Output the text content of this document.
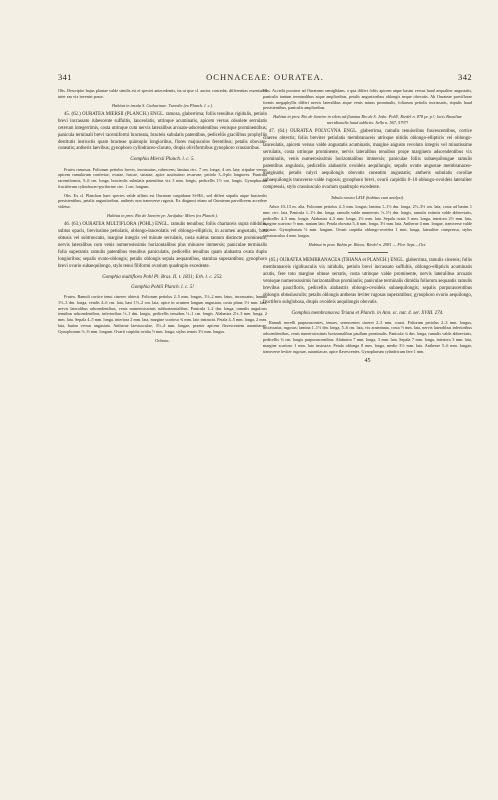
341	OCHNACEAE: OURATEA.	342

Obs. Descriptio hujus plantae valde similis est ei speciei antecedentis, ita ut ipse cl. auctor concedat, differentias essentiales inter eas vix inveniri posse.

Habitat in insula S. Catharinae: Tweedie (ex Planch. l. c.).

45. (62.) OURATEA MIERSII (PLANCH.) ENGL. ramosa, glaberrima; foliis tenuibus rigidulis, petiolo brevi incrassato rubescente suffultis, lanceolatis, utrinque acuminatis, apicem versus obsolete serrulatis ceterum integerrimis, costa utrinque cum nervis lateralibus arcuato-adscendentibus venisque prominentibus; panicula terminali brevi racemiformi bracteata, bracteis subulatis patentibus, pedicellis gracilibus prophyllis destitutis instructis quam bracteae quintuplo longioribus, flores majusculos ferentibus; petalis obovato-cuneatis; antheris laevibus; gynophoro cylindraceo-clavato, drupis oliviformibus gynophoro crassioribus.

Gomphia Miersii Planch. l. c. 5.

Frutex ramosus. Foliorum petiolus brevis, incrassatus, rubescens; lamina circ. 7 cm. longa, 4 cm. lata; stipulae versus apicem ramulorum confertae, ovatae, fuscae, striatae, apice acutissimo recurvae, petiolo 3–4-plo longiores. Panicula racemiformis, 5–6 cm. longa, bracteolis subulatis patentibus vix 3 mm. longis, pedicellis 1½ cm. longis. Gynophorum fructiferum cylindraceo-pyriforme circ. 1 cm. longum.

Obs. Ex cl. Planchon haec species valde affinis est Ourateae cuspidatae St-Hil., sed differt stipulis atque bracteolis persistentibus, petalis angustioribus, antheris non transverse rugosis. Ex diagnosi etiam ad Ourateam parviflorem accedere videtur.

Habitat in prov. Rio de Janeiro pr. Jurújuba: Miers (ex Planch.).

46. (63.) OURATEA MULTIFLORA (POHL) ENGL. ramulis tenuibus; foliis chartaceis supra nitidulis, subtus opacis, breviusime petiolatis, oblongo-lanceolatis vel oblongo-ellipticis, in acumen angustatis, basi obtusis vel subtruncatis, margine integris vel minute serrulatis, costa subtus tantum distincte prominente, nervis lateralibus cum venis numerosissimis horizontalibus plus minusve immersis; paniculae terminalis folia superantis ramulis patentibus tenuibus paniculatis, pedicellis tenuibus quam alabastra ovata duplo longioribus; sepalis ovato-oblongis; petalis oblongis sepala aequantibus, stamina superantibus; gynophoro brevi ovario subaequilongo, stylo tenui filiformi ovarium quadruplo excedente.

Gomphia multiflora Pohl Pl. Bras. II. t. 1831; Erh. l. c. 253.

Gomphia Pohlii Planch. l. c. 5!

Frutex. Ramuli cortice tenui cinereo obtecti. Foliorum petiolus 2–5 mm. longus, 1½–2 mm. latus, incrassatus; lamina 1½–3 dm. longa, vendis 4–6 cm. lata, basi 1½–2 cm. lata, apice in acumen longum angustata, costa plana 1½ mm. lata, nervis lateralibus adscendentibus, venis numerosissimis subhorizontalibus. Panicula 1–2 dm. longa, ramulis angulosis tenuibus adscendentibus, inferioribus ½–1 dm. longis, pedicellis tenuibus ½–1 cm. longis. Alabastra 2½–3 mm. longa, 2 mm. lata. Sepala 4–5 mm. longa, interiora 2 mm. lata, margine scarioso ¾ mm. lato instructa. Petala 4–5 mm. longa, 2 mm. lata, basim versus angustata. Antherae laeviusculae, 3½–4 mm. longae, praeter apicem flavescentem aurantiacae. Gynophorum ½–⅔ mm. longum. Ovarii carpidia ovalia ½ mm. longa; stylus tenuis 3½ mm. longus.

Ochnac.

Obs. Accedit proxime ad Ourateam semiglidam, a qua differt foliis apicem atque basim versus haud aequaliter angustatis, paniculis tantum terminalibus atque amplioribus, petalis angustioribus oblongis neque obovatis. Ab Ourateae parviflorae formis megaphyllis differt nervis lateralibus atque venis minus prominulis, foliorum petiolis incrassatis, stipulis haud persistentibus, paniculis amplioribus.

Habitat in prov. Rio de Janeiro in silvis ad flumina Rio de S. João: Pohl!, Riedel n. 878 pr. p.!; locis Brasiliae meridionalis haud addictis: Sello n. 567, 5797!

47. (64.) OURATEA POLYGYNA ENGL. glaberrima, ramulis tenuioribus fuscescentibus, cortice cinereo obtectis; foliis breviter petiolatis membranaceis utrinque nitidis oblongo-ellipticis vel oblongo-lanceolatis, apicem versus valde angustatis acuminatis, margine angusto revoluto integris vel minutissime serrulatis, costa utrinque prominente, nervis lateralibus tenuibus prope marginem adscendentibus vix prominulis, venis numerosissimis horizontalibus immersis; paniculae foliis subaequilongae ramulis patentibus angulosis, pedicellis alabastris ovoideis aequilongis; sepalis ovatis angustae membranaceo-marginatis; petalis calyci aequilongis obovatis cuneatim angustatis; antheris subulatis corollae subaequilongis transverse valde rugosis; gynophoro brevi, ovarii carpidiis 8–10 oblongo-ovoideis lateraliter compressis, stylo crassiusculo ovarium quadruplo excedente.

Tabula nostra LXIX (habitus cum analysi).

Arbor 10–13 m. alta. Foliorum petiolus 4–5 mm. longus; lamina 1–1½ dm. longa, 2½–3½ cm. lata, costa ad basim 1 mm. circ. lata. Panicula 1–1½ dm. longa, ramulis valde numerosis ½–1½ dm. longis, ramulis extimis valde abbreviatis, pedicellis 4–5 mm. longis. Alabastra 4–5 mm. longa, 2½ mm. lata. Sepala ovata 5 mm. longa, interiora 2½ mm. lata, margine scarioso ½ mm. tantum lato. Petala obovata 5–6 mm. longa, 3½ mm. lata. Antherae 4 mm. longae, transverse valde rugosae. Gynophorum ½ mm. longum. Ovarii carpidia oblongo-ovoidea 1 mm. longa, lateraliter compressa, stylus crassiusculus 4 mm. longus.

Habitat in prov. Bahia pr. Ilheos: Riedel n. 2981 — Flor. Sept.—Oct.

(65.) OURATEA MEMBRANACEA (TRIANA et PLANCH.) ENGL. glaberrima, ramulis cinereis; foliis membranaceis rigidiusculis vix nitidulis, petiolo brevi incrassato suffultis, oblongo-ellipticis acuminatis acutis, fere toto margine obtuse serratis, costa utrinque valde prominente, nervis lateralibus arcuatis venisque numerosissimis horizontalibus prominulis; paniculae terminalis dimidia foliorum aequantis ramulis brevibus paucifloris, pedicellis alabastris oblongo-ovoideis subaequilongis; sepalis purpurascentibus oblongis obtusiusculis; petalis oblongis antheras leviter rugosas superantibus; gynophoro ovario aequilongo, fructifero subglobosa, drupis ovoideis aequilongis obovatis.

Gomphia membranacea Triana et Planch. in Ann. sc. nat. 4. ser. XVIII. 274.

Ramuli novelli purpurascentes, tenues, senescentes cinerei 2–3 mm. crassi. Foliorum petiolus 2–3 mm. longus, incrassatus, rugosus; lamina 1–1½ dm. longa, 5–6 cm. lata, vix acuminata, costa ½ mm. lata, nervis lateralibus inferioribus adscendentibus, venis numerosissimis horizontalibus paullum prominulis. Panicula ¼ dm. longa, ramulis valde abbreviatis, pedicellis ¾ cm. longis purpurascentibus. Alabastra 7 mm. longa, 3 mm. lata. Sepala 7 mm. longa, interiora 3 mm. lata, margine scarioso 1 mm. lato instructa. Petala oblonga 8 mm. longa, medio 3½ mm. lata. Antherae 5–6 mm. longae, transverse leviter rugosae, aurantiacae, apice flavescentes. Gynophorum cylindricum fere 1 mm.

45
